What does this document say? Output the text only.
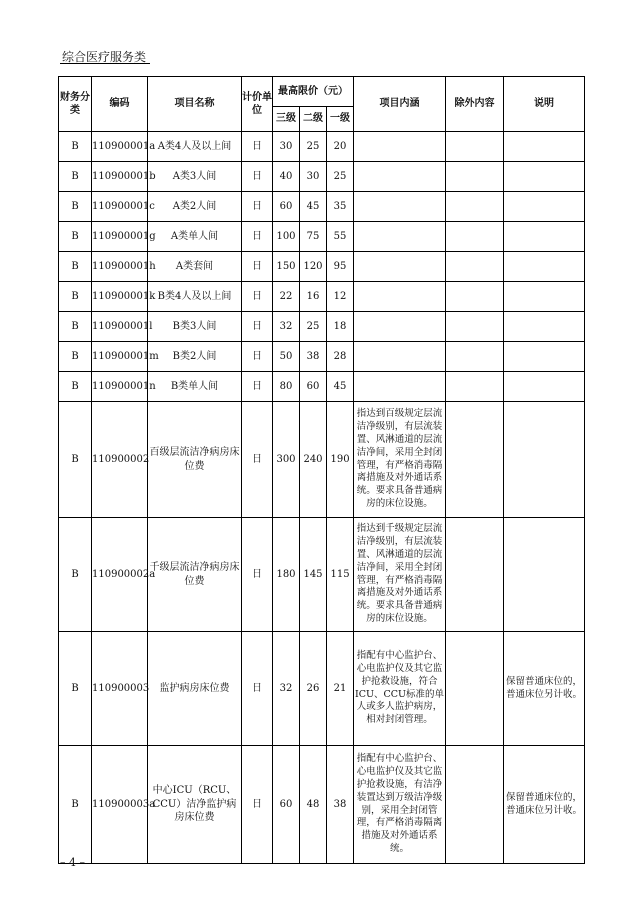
综合医疗服务类
财务分类	编码	项目名称	计价单位	最高限价（元）			项目内涵	除外内容	说明
				三级	二级	一级			
B	110900001a	A类4人及以上间	日	30	25	20			
B	110900001b	A类3人间	日	40	30	25			
B	110900001c	A类2人间	日	60	45	35			
B	110900001g	A类单人间	日	100	75	55			
B	110900001h	A类套间	日	150	120	95			
B	110900001k	B类4人及以上间	日	22	16	12			
B	110900001l	B类3人间	日	32	25	18			
B	110900001m	B类2人间	日	50	38	28			
B	110900001n	B类单人间	日	80	60	45			
B	110900002	百级层流洁净病房床位费	日	300	240	190	指达到百级规定层流洁净级别，有层流装置、风淋通道的层流洁净间，采用全封闭管理，有严格消毒隔离措施及对外通话系统。要求具备普通病房的床位设施。		
B	110900002a	千级层流洁净病房床位费	日	180	145	115	指达到千级规定层流洁净级别，有层流装置、风淋通道的层流洁净间，采用全封闭管理，有严格消毒隔离措施及对外通话系统。要求具备普通病房的床位设施。		
B	110900003	监护病房床位费	日	32	26	21	指配有中心监护台、心电监护仪及其它监护抢救设施，符合ICU、CCU标准的单人或多人监护病房，相对封闭管理。		保留普通床位的，普通床位另计收。
B	110900003a	中心ICU（RCU、CCU）洁净监护病房床位费	日	60	48	38	指配有中心监护台、心电监护仪及其它监护抢救设施，有洁净装置达到万级洁净级别，采用全封闭管理，有严格消毒隔离措施及对外通话系统。		保留普通床位的，普通床位另计收。
– 4 –
